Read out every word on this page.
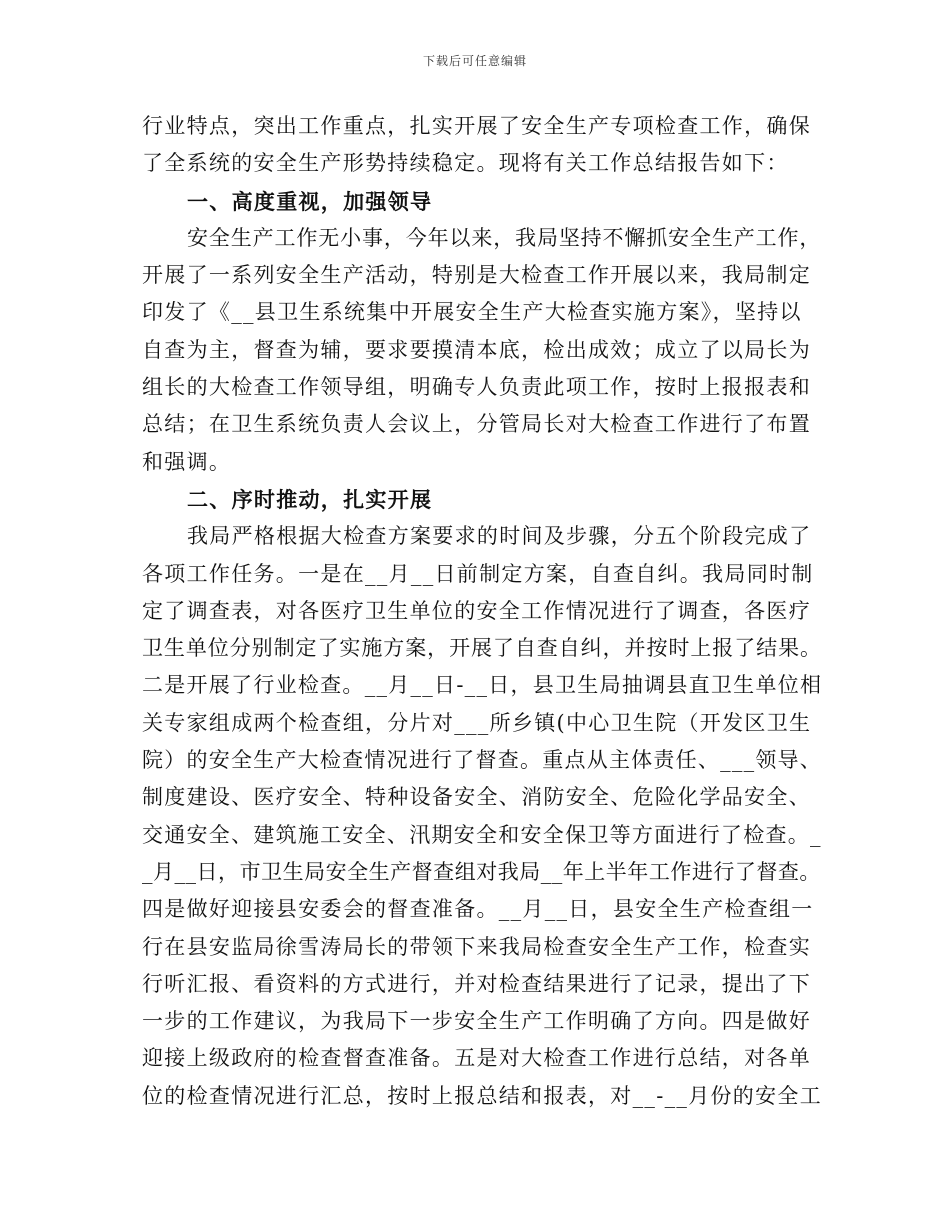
下载后可任意编辑
行业特点，突出工作重点，扎实开展了安全生产专项检查工作，确保
了全系统的安全生产形势持续稳定。现将有关工作总结报告如下：
一、高度重视，加强领导
安全生产工作无小事，今年以来，我局坚持不懈抓安全生产工作，
开展了一系列安全生产活动，特别是大检查工作开展以来，我局制定
印发了《__县卫生系统集中开展安全生产大检查实施方案》，坚持以
自查为主，督查为辅，要求要摸清本底，检出成效；成立了以局长为
组长的大检查工作领导组，明确专人负责此项工作，按时上报报表和
总结；在卫生系统负责人会议上，分管局长对大检查工作进行了布置
和强调。
二、序时推动，扎实开展
我局严格根据大检查方案要求的时间及步骤，分五个阶段完成了
各项工作任务。一是在__月__日前制定方案，自查自纠。我局同时制
定了调查表，对各医疗卫生单位的安全工作情况进行了调查，各医疗
卫生单位分别制定了实施方案，开展了自查自纠，并按时上报了结果。
二是开展了行业检查。__月__日-__日，县卫生局抽调县直卫生单位相
关专家组成两个检查组，分片对___所乡镇(中心卫生院（开发区卫生
院）的安全生产大检查情况进行了督查。重点从主体责任、___领导、
制度建设、医疗安全、特种设备安全、消防安全、危险化学品安全、
交通安全、建筑施工安全、汛期安全和安全保卫等方面进行了检查。_
_月__日，市卫生局安全生产督查组对我局__年上半年工作进行了督查。
四是做好迎接县安委会的督查准备。__月__日，县安全生产检查组一
行在县安监局徐雪涛局长的带领下来我局检查安全生产工作，检查实
行听汇报、看资料的方式进行，并对检查结果进行了记录，提出了下
一步的工作建议，为我局下一步安全生产工作明确了方向。四是做好
迎接上级政府的检查督查准备。五是对大检查工作进行总结，对各单
位的检查情况进行汇总，按时上报总结和报表，对__-__月份的安全工
